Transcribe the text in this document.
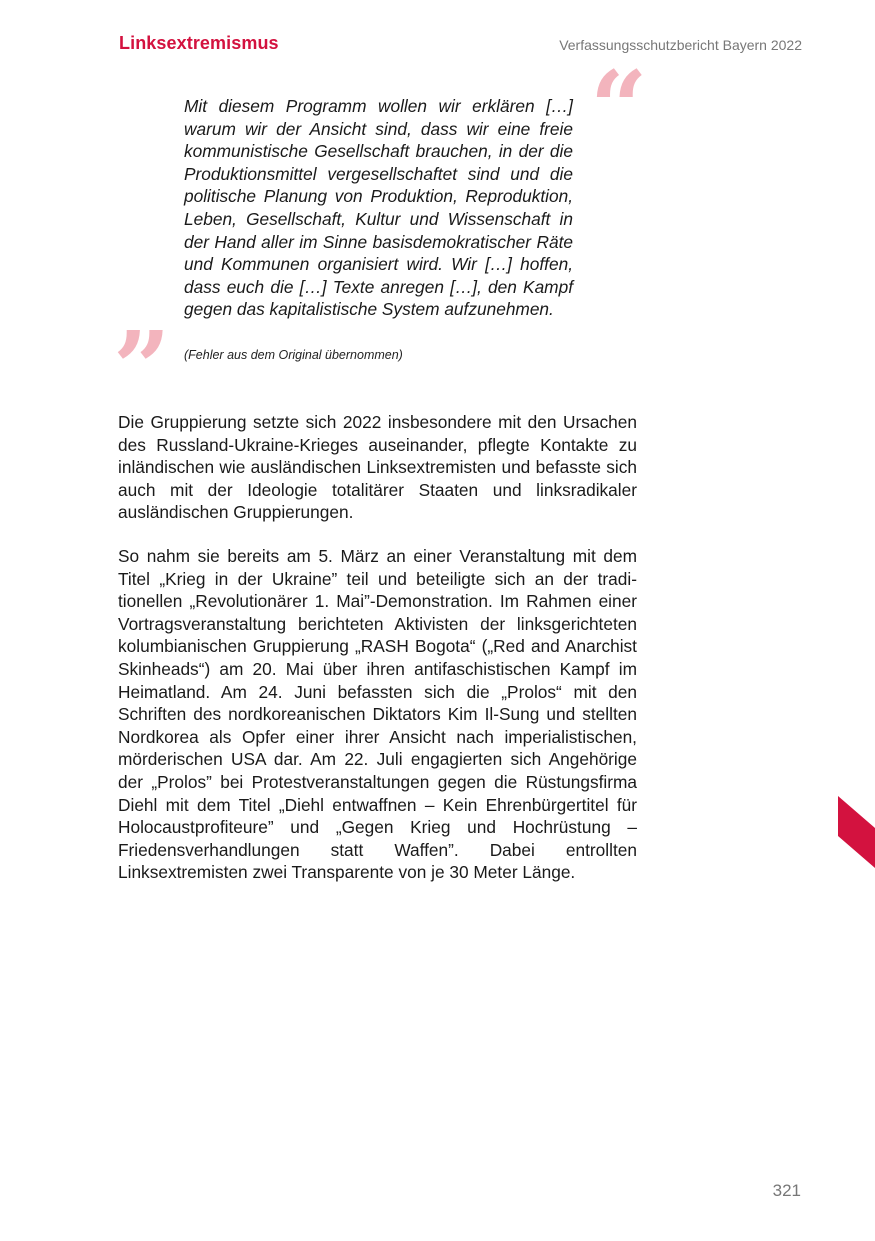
Linksextremismus	Verfassungsschutzbericht Bayern 2022
“

Mit diesem Programm wollen wir erklären […] warum wir der Ansicht sind, dass wir eine freie kommunistische Gesellschaft brauchen, in der die Produktionsmittel vergesellschaftet sind und die politische Planung von Produktion, Reproduktion, Leben, Gesellschaft, Kultur und Wissenschaft in der Hand aller im Sinne basisdemokratischer Räte und Kommunen organisiert wird. Wir […] hoffen, dass euch die […] Texte anregen […], den Kampf gegen das kapitalistische System aufzunehmen.

” (Fehler aus dem Original übernommen)

Die Gruppierung setzte sich 2022 insbesondere mit den Ursachen des Russland-Ukraine-Krieges auseinander, pflegte Kontakte zu inländischen wie ausländischen Linksextremisten und befasste sich auch mit der Ideologie totalitärer Staaten und linksradikaler ausländischen Gruppierungen.

So nahm sie bereits am 5. März an einer Veranstaltung mit dem Titel „Krieg in der Ukraine” teil und beteiligte sich an der traditionellen „Revolutionärer 1. Mai”-Demonstration. Im Rahmen einer Vortragsveranstaltung berichteten Aktivisten der linksgerichteten kolumbianischen Gruppierung „RASH Bogota“ („Red and Anarchist Skinheads“) am 20. Mai über ihren antifaschistischen Kampf im Heimatland. Am 24. Juni befassten sich die „Prolos“ mit den Schriften des nordkoreanischen Diktators Kim Il-Sung und stellten Nordkorea als Opfer einer ihrer Ansicht nach imperialistischen, mörderischen USA dar. Am 22. Juli engagierten sich Angehörige der „Prolos” bei Protestveranstaltungen gegen die Rüstungsfirma Diehl mit dem Titel „Diehl entwaffnen – Kein Ehrenbürgertitel für Holocaustprofiteure” und „Gegen Krieg und Hochrüstung – Friedensverhandlungen statt Waffen”. Dabei entrollten Linksextremisten zwei Transparente von je 30 Meter Länge.

321
